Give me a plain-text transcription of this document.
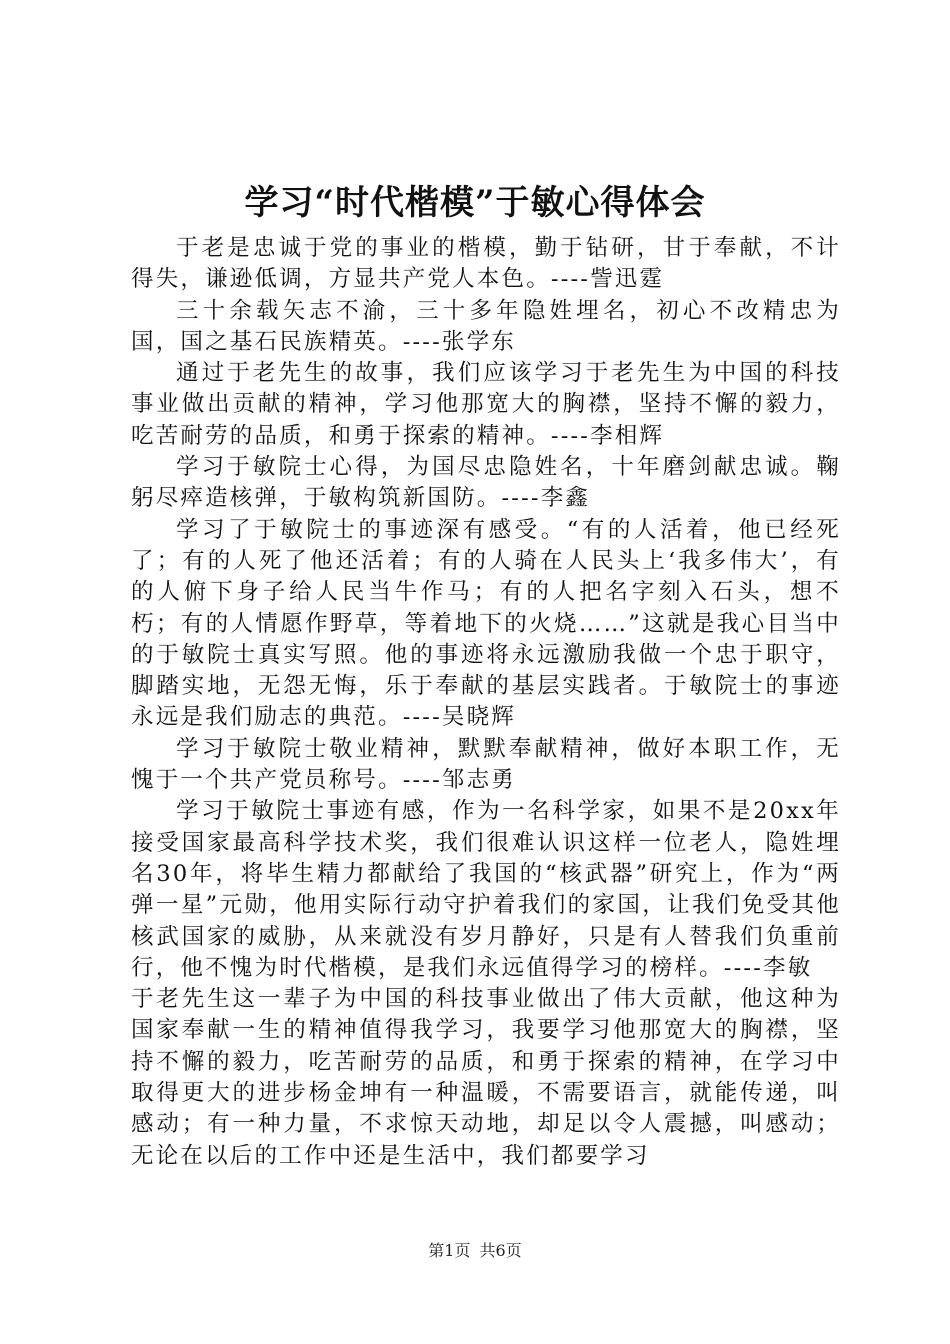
学习“时代楷模”于敏心得体会

于老是忠诚于党的事业的楷模，勤于钻研，甘于奉献，不计得失，谦逊低调，方显共产党人本色。----訾迅霆

三十余载矢志不渝，三十多年隐姓埋名，初心不改精忠为国，国之基石民族精英。----张学东

通过于老先生的故事，我们应该学习于老先生为中国的科技事业做出贡献的精神，学习他那宽大的胸襟，坚持不懈的毅力，吃苦耐劳的品质，和勇于探索的精神。----李相辉

学习于敏院士心得，为国尽忠隐姓名，十年磨剑献忠诚。鞠躬尽瘁造核弹，于敏构筑新国防。----李鑫

学习了于敏院士的事迹深有感受。“有的人活着，他已经死了；有的人死了他还活着；有的人骑在人民头上‘我多伟大’，有的人俯下身子给人民当牛作马；有的人把名字刻入石头，想不朽；有的人情愿作野草，等着地下的火烧……”这就是我心目当中的于敏院士真实写照。他的事迹将永远激励我做一个忠于职守，脚踏实地，无怨无悔，乐于奉献的基层实践者。于敏院士的事迹永远是我们励志的典范。----吴晓辉

学习于敏院士敬业精神，默默奉献精神，做好本职工作，无愧于一个共产党员称号。----邹志勇

学习于敏院士事迹有感，作为一名科学家，如果不是20xx年接受国家最高科学技术奖，我们很难认识这样一位老人，隐姓埋名30年，将毕生精力都献给了我国的“核武器”研究上，作为“两弹一星”元勋，他用实际行动守护着我们的家国，让我们免受其他核武国家的威胁，从来就没有岁月静好，只是有人替我们负重前行，他不愧为时代楷模，是我们永远值得学习的榜样。----李敏

于老先生这一辈子为中国的科技事业做出了伟大贡献，他这种为国家奉献一生的精神值得我学习，我要学习他那宽大的胸襟，坚持不懈的毅力，吃苦耐劳的品质，和勇于探索的精神，在学习中取得更大的进步杨金坤有一种温暖，不需要语言，就能传递，叫感动；有一种力量，不求惊天动地，却足以令人震撼，叫感动；无论在以后的工作中还是生活中，我们都要学习

第1页 共6页
